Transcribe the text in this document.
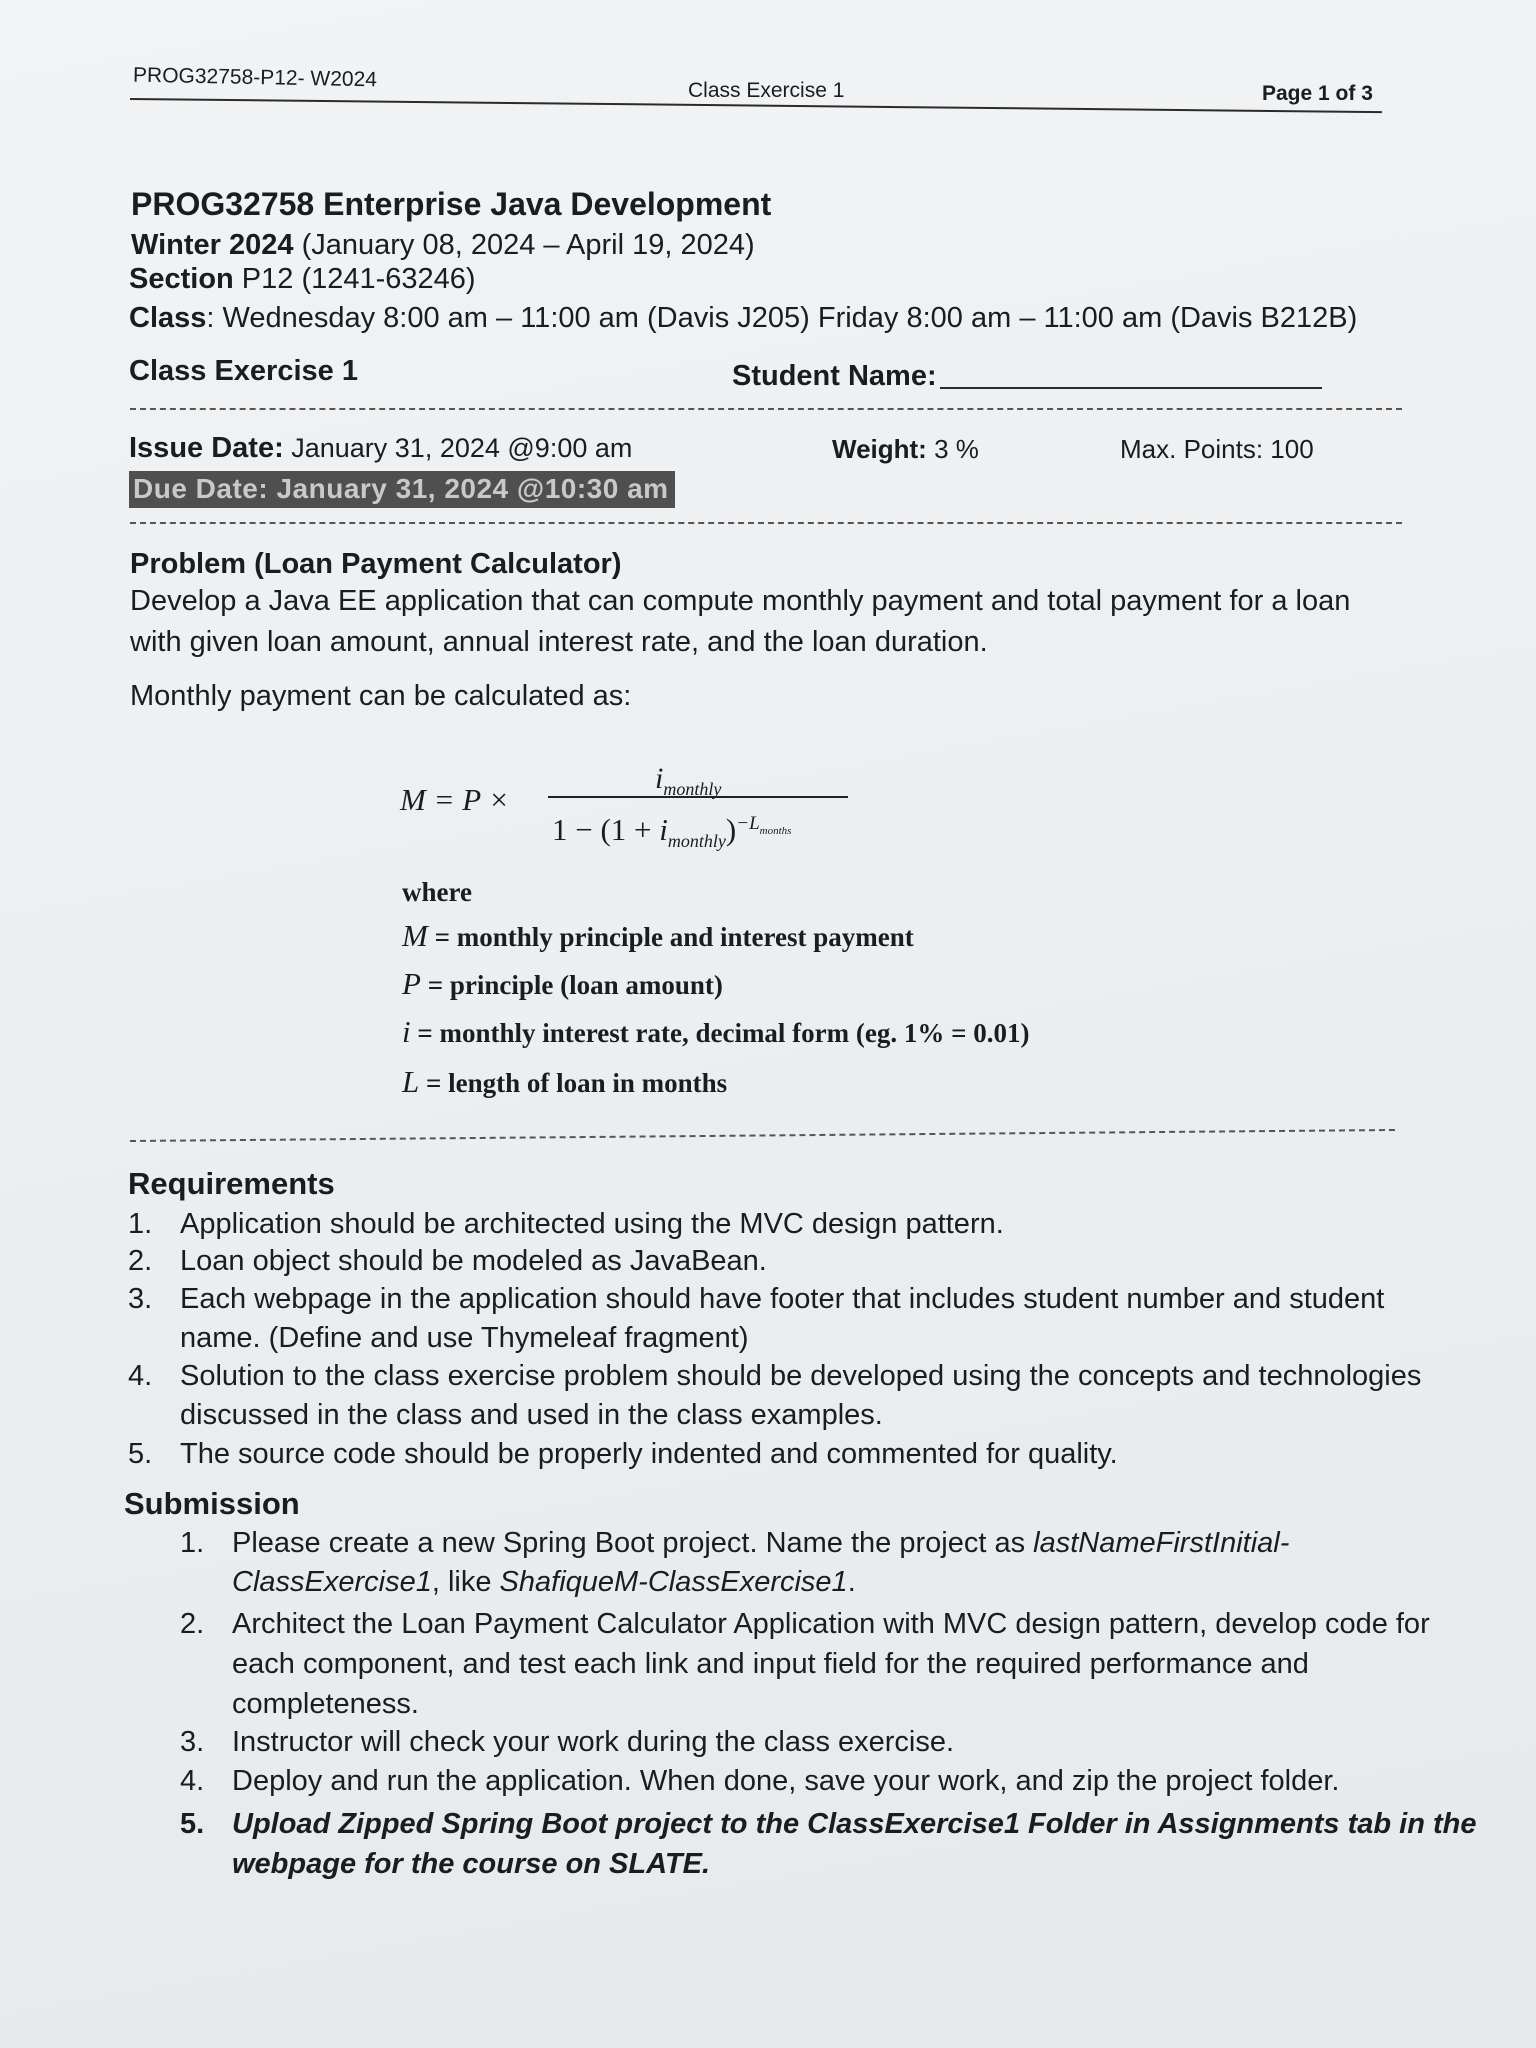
PROG32758-P12- W2024	Class Exercise 1	Page 1 of 3
PROG32758 Enterprise Java Development
Winter 2024 (January 08, 2024 – April 19, 2024)
Section P12 (1241-63246)
Class: Wednesday 8:00 am – 11:00 am (Davis J205) Friday 8:00 am – 11:00 am (Davis B212B)
Class Exercise 1	Student Name:
Issue Date: January 31, 2024 @9:00 am	Weight: 3 %	Max. Points: 100
Due Date: January 31, 2024 @10:30 am
Problem (Loan Payment Calculator)
Develop a Java EE application that can compute monthly payment and total payment for a loan
with given loan amount, annual interest rate, and the loan duration.
Monthly payment can be calculated as:
M = P ×
$i_{monthly}$
$1 - (1 + i_{monthly})^{-L_{months}}$
where
M = monthly principle and interest payment
P = principle (loan amount)
i = monthly interest rate, decimal form (eg. 1% = 0.01)
L = length of loan in months
Requirements
1. Application should be architected using the MVC design pattern.
2. Loan object should be modeled as JavaBean.
3. Each webpage in the application should have footer that includes student number and student
name. (Define and use Thymeleaf fragment)
4. Solution to the class exercise problem should be developed using the concepts and technologies
discussed in the class and used in the class examples.
5. The source code should be properly indented and commented for quality.
Submission
1. Please create a new Spring Boot project. Name the project as lastNameFirstInitial-
ClassExercise1, like ShafiqueM-ClassExercise1.
2. Architect the Loan Payment Calculator Application with MVC design pattern, develop code for
each component, and test each link and input field for the required performance and
completeness.
3. Instructor will check your work during the class exercise.
4. Deploy and run the application. When done, save your work, and zip the project folder.
5. Upload Zipped Spring Boot project to the ClassExercise1 Folder in Assignments tab in the
webpage for the course on SLATE.
